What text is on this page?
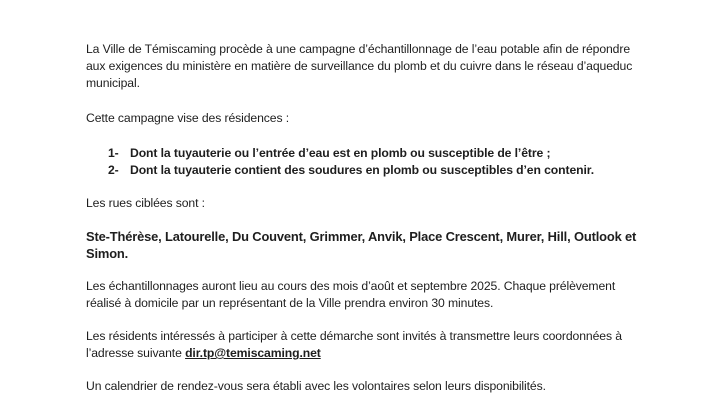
La Ville de Témiscaming procède à une campagne d’échantillonnage de l’eau potable afin de répondre aux exigences du ministère en matière de surveillance du plomb et du cuivre dans le réseau d’aqueduc municipal.
Cette campagne vise des résidences :
1- Dont la tuyauterie ou l’entrée d’eau est en plomb ou susceptible de l’être ;
2- Dont la tuyauterie contient des soudures en plomb ou susceptibles d’en contenir.
Les rues ciblées sont :
Ste-Thérèse, Latourelle, Du Couvent, Grimmer, Anvik, Place Crescent, Murer, Hill, Outlook et Simon.
Les échantillonnages auront lieu au cours des mois d’août et septembre 2025. Chaque prélèvement réalisé à domicile par un représentant de la Ville prendra environ 30 minutes.
Les résidents intéressés à participer à cette démarche sont invités à transmettre leurs coordonnées à l’adresse suivante dir.tp@temiscaming.net
Un calendrier de rendez-vous sera établi avec les volontaires selon leurs disponibilités.
